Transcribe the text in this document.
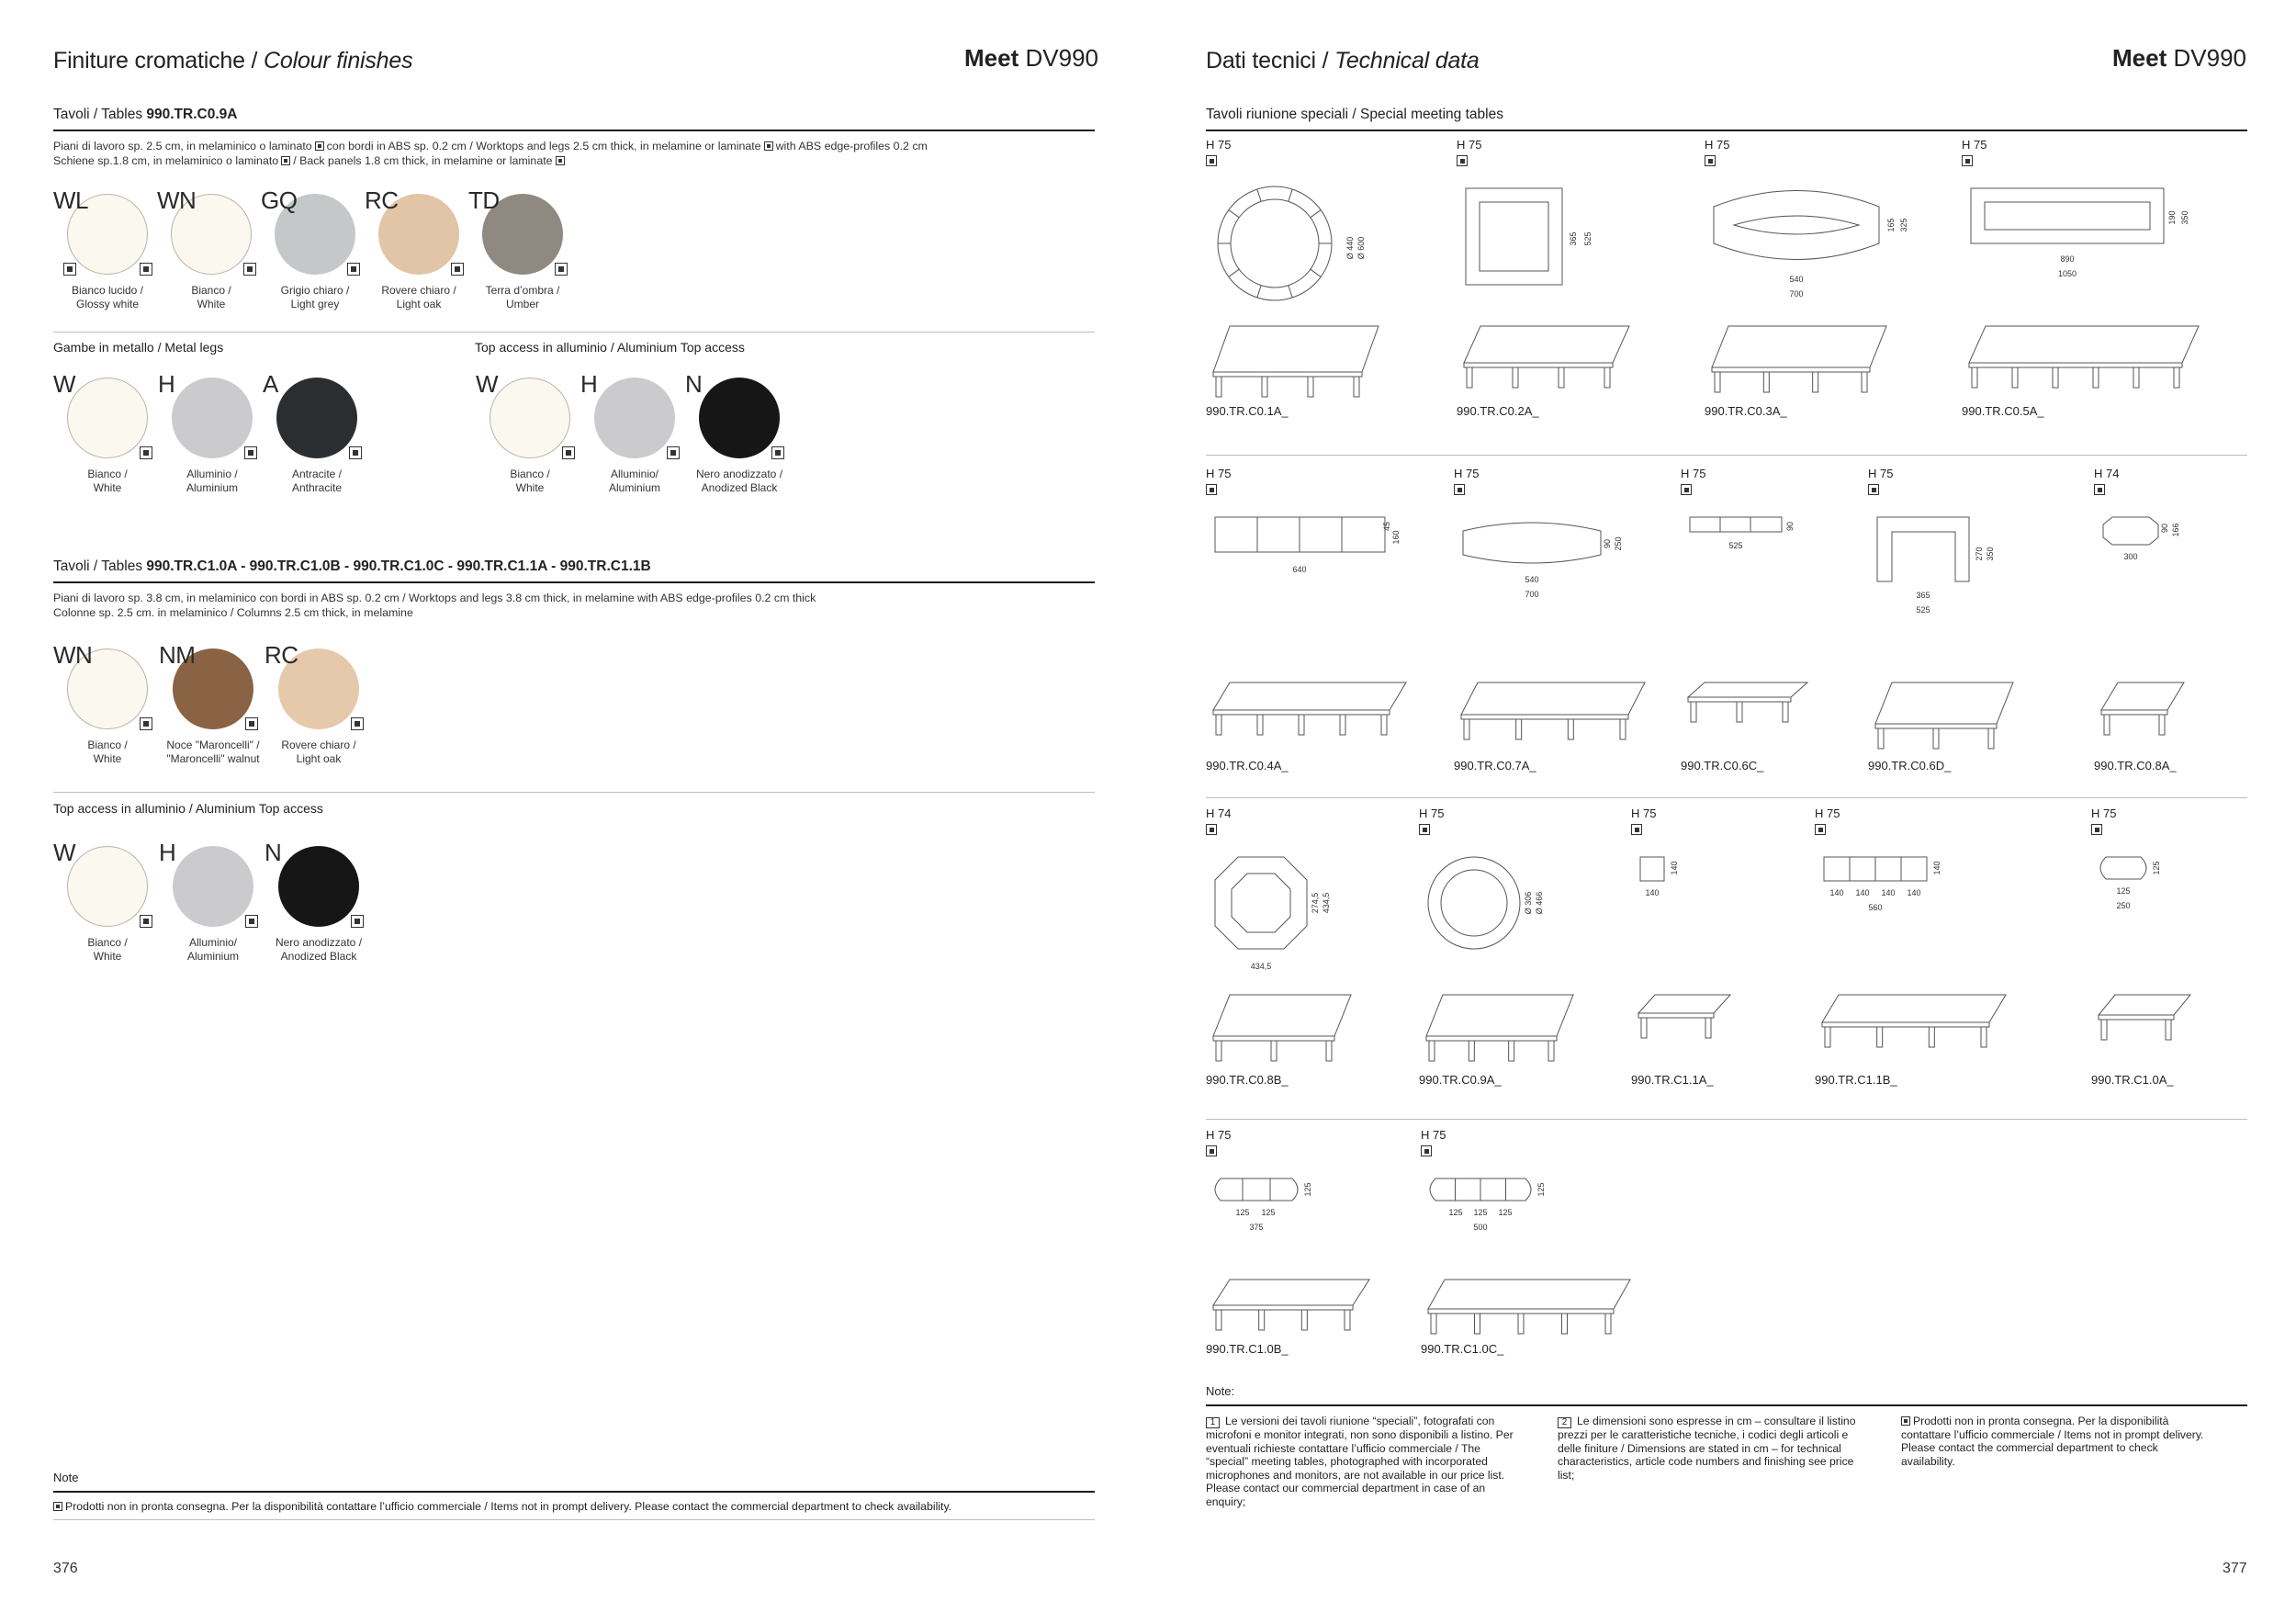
Finiture cromatiche / Colour finishes	Meet DV990
Tavoli / Tables 990.TR.C0.9A
Piani di lavoro sp. 2.5 cm, in melaminico o laminato con bordi in ABS sp. 0.2 cm / Worktops and legs 2.5 cm thick, in melamine or laminate with ABS edge-profiles 0.2 cm
Schiene sp.1.8 cm, in melaminico o laminato / Back panels 1.8 cm thick, in melamine or laminate
WL
Bianco lucido /
Glossy white
WN
Bianco /
White
GQ
Grigio chiaro /
Light grey
RC
Rovere chiaro /
Light oak
TD
Terra d’ombra /
Umber
Gambe in metallo / Metal legs	Top access in alluminio / Aluminium Top access
W
Bianco /
White
H
Alluminio /
Aluminium
A
Antracite /
Anthracite
W
Bianco /
White
H
Alluminio/
Aluminium
N
Nero anodizzato /
Anodized Black
Tavoli / Tables 990.TR.C1.0A - 990.TR.C1.0B - 990.TR.C1.0C - 990.TR.C1.1A - 990.TR.C1.1B
Piani di lavoro sp. 3.8 cm, in melaminico con bordi in ABS sp. 0.2 cm / Worktops and legs 3.8 cm thick, in melamine with ABS edge-profiles 0.2 cm thick
Colonne sp. 2.5 cm. in melaminico / Columns 2.5 cm thick, in melamine
WN
Bianco /
White
NM
Noce "Maroncelli" /
"Maroncelli" walnut
RC
Rovere chiaro /
Light oak
Top access in alluminio / Aluminium Top access
W
Bianco /
White
H
Alluminio/
Aluminium
N
Nero anodizzato /
Anodized Black
Note
Prodotti non in pronta consegna. Per la disponibilità contattare l’ufficio commerciale / Items not in prompt delivery. Please contact the commercial department to check availability.
376
Dati tecnici / Technical data	Meet DV990
Tavoli riunione speciali / Special meeting tables
H 75
Ø 440 Ø 600
990.TR.C0.1A_
H 75
365 525
990.TR.C0.2A_
H 75
540
700
165 325
990.TR.C0.3A_
H 75
890
1050
190 350
990.TR.C0.5A_
H 75
640
160
45
990.TR.C0.4A_
H 75
540
700
90 250
990.TR.C0.7A_
H 75
525
90
990.TR.C0.6C_
H 75
365
525
270 350
990.TR.C0.6D_
H 74
300
90 166
990.TR.C0.8A_
H 74
434,5
274,5 434,5
990.TR.C0.8B_
H 75
Ø 306 Ø 466
990.TR.C0.9A_
H 75
140
140
990.TR.C1.1A_
H 75
140 140 140 140
560
140
990.TR.C1.1B_
H 75
125
250
125
990.TR.C1.0A_
H 75
125 125
375
125
990.TR.C1.0B_
H 75
125 125 125
500
125
990.TR.C1.0C_
Note:
1 Le versioni dei tavoli riunione “speciali”, fotografati con microfoni e monitor integrati, non sono disponibili a listino. Per eventuali richieste contattare l’ufficio commerciale / The “special” meeting tables, photographed with incorporated microphones and monitors, are not available in our price list. Please contact our commercial department in case of an enquiry;
2 Le dimensioni sono espresse in cm – consultare il listino prezzi per le caratteristiche tecniche, i codici degli articoli e delle finiture / Dimensions are stated in cm – for technical characteristics, article code numbers and finishing see price list;
Prodotti non in pronta consegna. Per la disponibilità contattare l’ufficio commerciale / Items not in prompt delivery. Please contact the commercial department to check availability.
377
